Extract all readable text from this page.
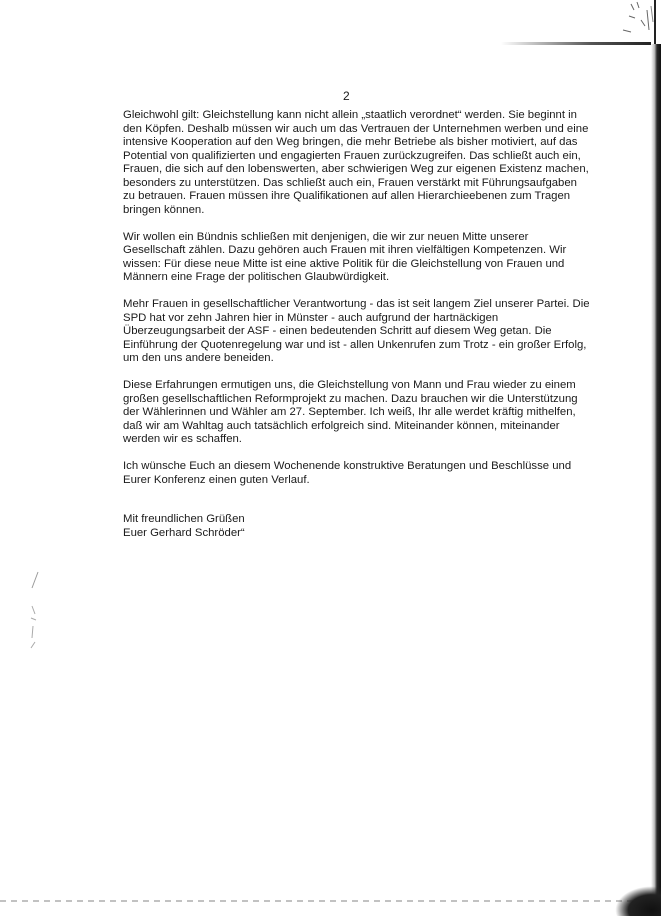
2

Gleichwohl gilt: Gleichstellung kann nicht allein „staatlich verordnet“ werden. Sie beginnt in
den Köpfen. Deshalb müssen wir auch um das Vertrauen der Unternehmen werben und eine
intensive Kooperation auf den Weg bringen, die mehr Betriebe als bisher motiviert, auf das
Potential von qualifizierten und engagierten Frauen zurückzugreifen. Das schließt auch ein,
Frauen, die sich auf den lobenswerten, aber schwierigen Weg zur eigenen Existenz machen,
besonders zu unterstützen. Das schließt auch ein, Frauen verstärkt mit Führungsaufgaben
zu betrauen. Frauen müssen ihre Qualifikationen auf allen Hierarchieebenen zum Tragen
bringen können.

Wir wollen ein Bündnis schließen mit denjenigen, die wir zur neuen Mitte unserer
Gesellschaft zählen. Dazu gehören auch Frauen mit ihren vielfältigen Kompetenzen. Wir
wissen: Für diese neue Mitte ist eine aktive Politik für die Gleichstellung von Frauen und
Männern eine Frage der politischen Glaubwürdigkeit.

Mehr Frauen in gesellschaftlicher Verantwortung - das ist seit langem Ziel unserer Partei. Die
SPD hat vor zehn Jahren hier in Münster - auch aufgrund der hartnäckigen
Überzeugungsarbeit der ASF - einen bedeutenden Schritt auf diesem Weg getan. Die
Einführung der Quotenregelung war und ist - allen Unkenrufen zum Trotz - ein großer Erfolg,
um den uns andere beneiden.

Diese Erfahrungen ermutigen uns, die Gleichstellung von Mann und Frau wieder zu einem
großen gesellschaftlichen Reformprojekt zu machen. Dazu brauchen wir die Unterstützung
der Wählerinnen und Wähler am 27. September. Ich weiß, Ihr alle werdet kräftig mithelfen,
daß wir am Wahltag auch tatsächlich erfolgreich sind. Miteinander können, miteinander
werden wir es schaffen.

Ich wünsche Euch an diesem Wochenende konstruktive Beratungen und Beschlüsse und
Eurer Konferenz einen guten Verlauf.

Mit freundlichen Grüßen
Euer Gerhard Schröder“
